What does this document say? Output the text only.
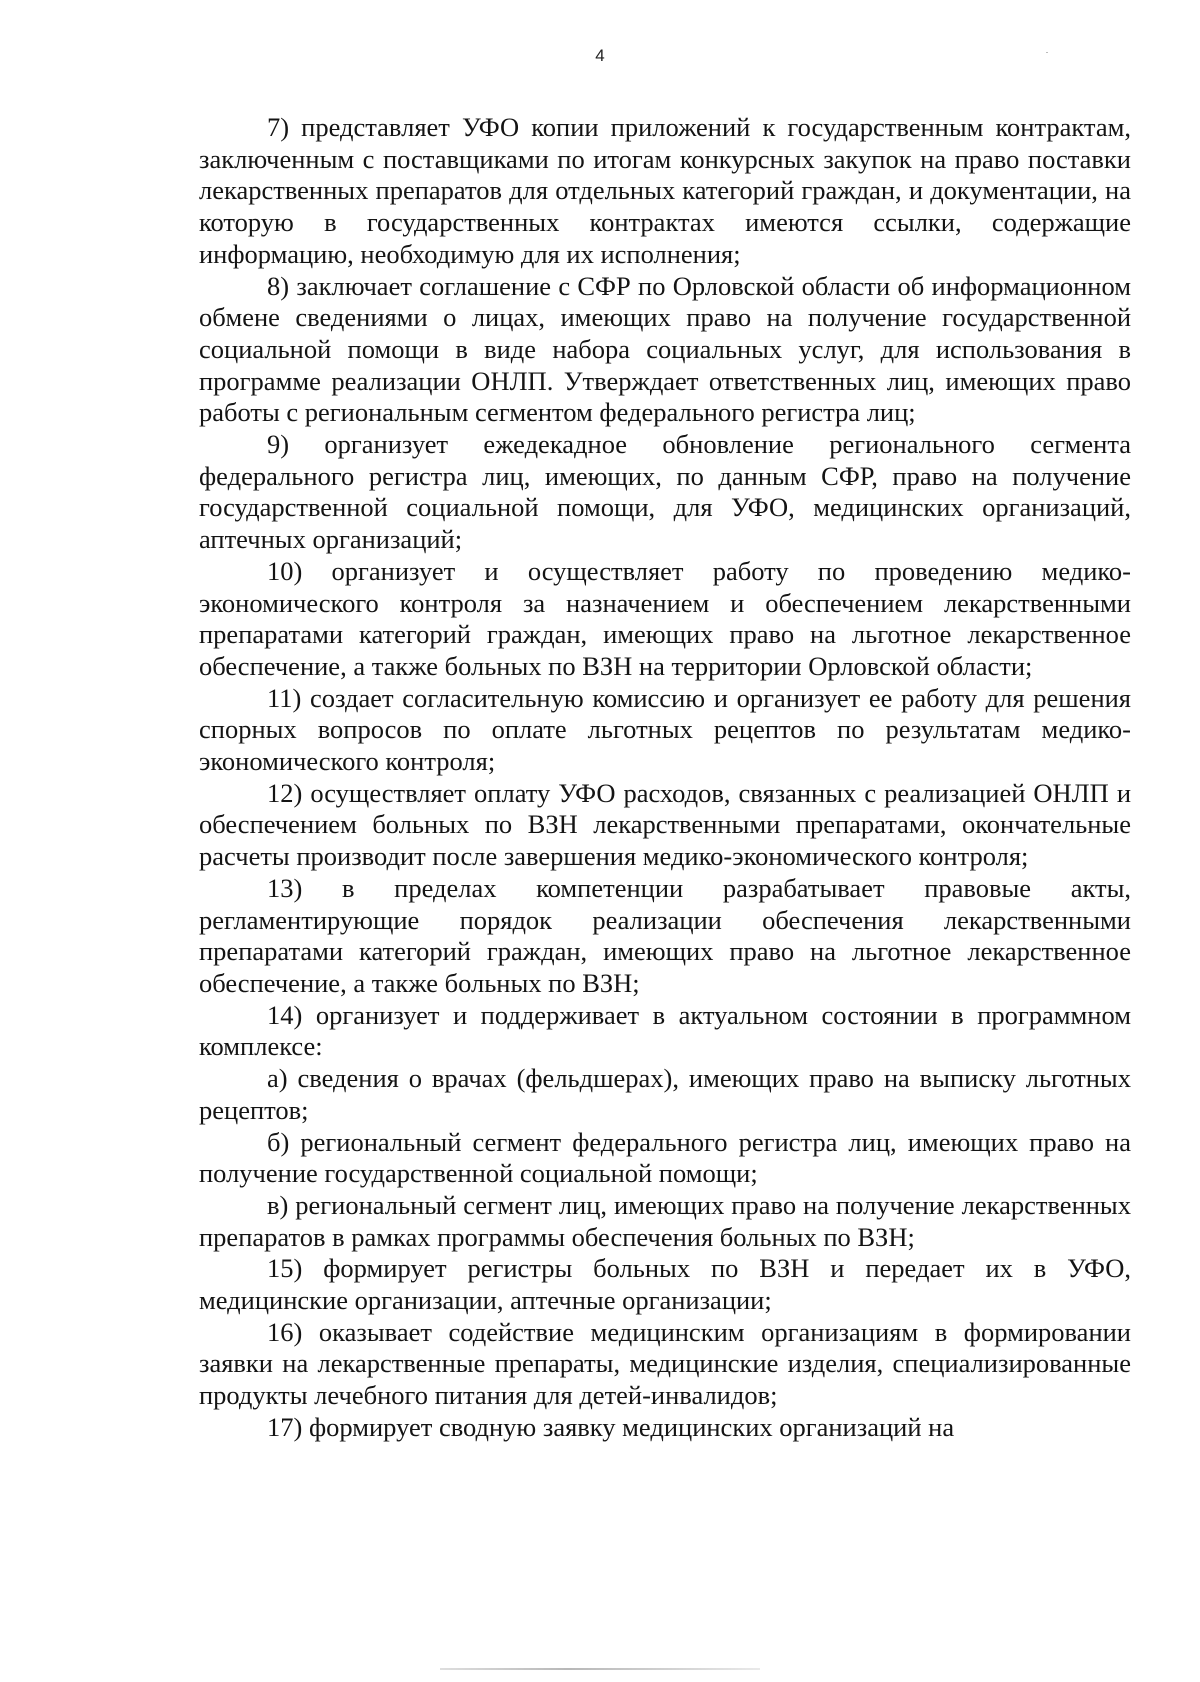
4

7) представляет УФО копии приложений к государственным контрактам, заключенным с поставщиками по итогам конкурсных закупок на право поставки лекарственных препаратов для отдельных категорий граждан, и документации, на которую в государственных контрактах имеются ссылки, содержащие информацию, необходимую для их исполнения;

8) заключает соглашение с СФР по Орловской области об информационном обмене сведениями о лицах, имеющих право на получение государственной социальной помощи в виде набора социальных услуг, для использования в программе реализации ОНЛП. Утверждает ответственных лиц, имеющих право работы с региональным сегментом федерального регистра лиц;

9) организует ежедекадное обновление регионального сегмента федерального регистра лиц, имеющих, по данным СФР, право на получение государственной социальной помощи, для УФО, медицинских организаций, аптечных организаций;

10) организует и осуществляет работу по проведению медико-экономического контроля за назначением и обеспечением лекарственными препаратами категорий граждан, имеющих право на льготное лекарственное обеспечение, а также больных по ВЗН на территории Орловской области;

11) создает согласительную комиссию и организует ее работу для решения спорных вопросов по оплате льготных рецептов по результатам медико-экономического контроля;

12) осуществляет оплату УФО расходов, связанных с реализацией ОНЛП и обеспечением больных по ВЗН лекарственными препаратами, окончательные расчеты производит после завершения медико-экономического контроля;

13) в пределах компетенции разрабатывает правовые акты, регламентирующие порядок реализации обеспечения лекарственными препаратами категорий граждан, имеющих право на льготное лекарственное обеспечение, а также больных по ВЗН;

14) организует и поддерживает в актуальном состоянии в программном комплексе:

а) сведения о врачах (фельдшерах), имеющих право на выписку льготных рецептов;

б) региональный сегмент федерального регистра лиц, имеющих право на получение государственной социальной помощи;

в) региональный сегмент лиц, имеющих право на получение лекарственных препаратов в рамках программы обеспечения больных по ВЗН;

15) формирует регистры больных по ВЗН и передает их в УФО, медицинские организации, аптечные организации;

16) оказывает содействие медицинским организациям в формировании заявки на лекарственные препараты, медицинские изделия, специализированные продукты лечебного питания для детей-инвалидов;

17) формирует сводную заявку медицинских организаций на
